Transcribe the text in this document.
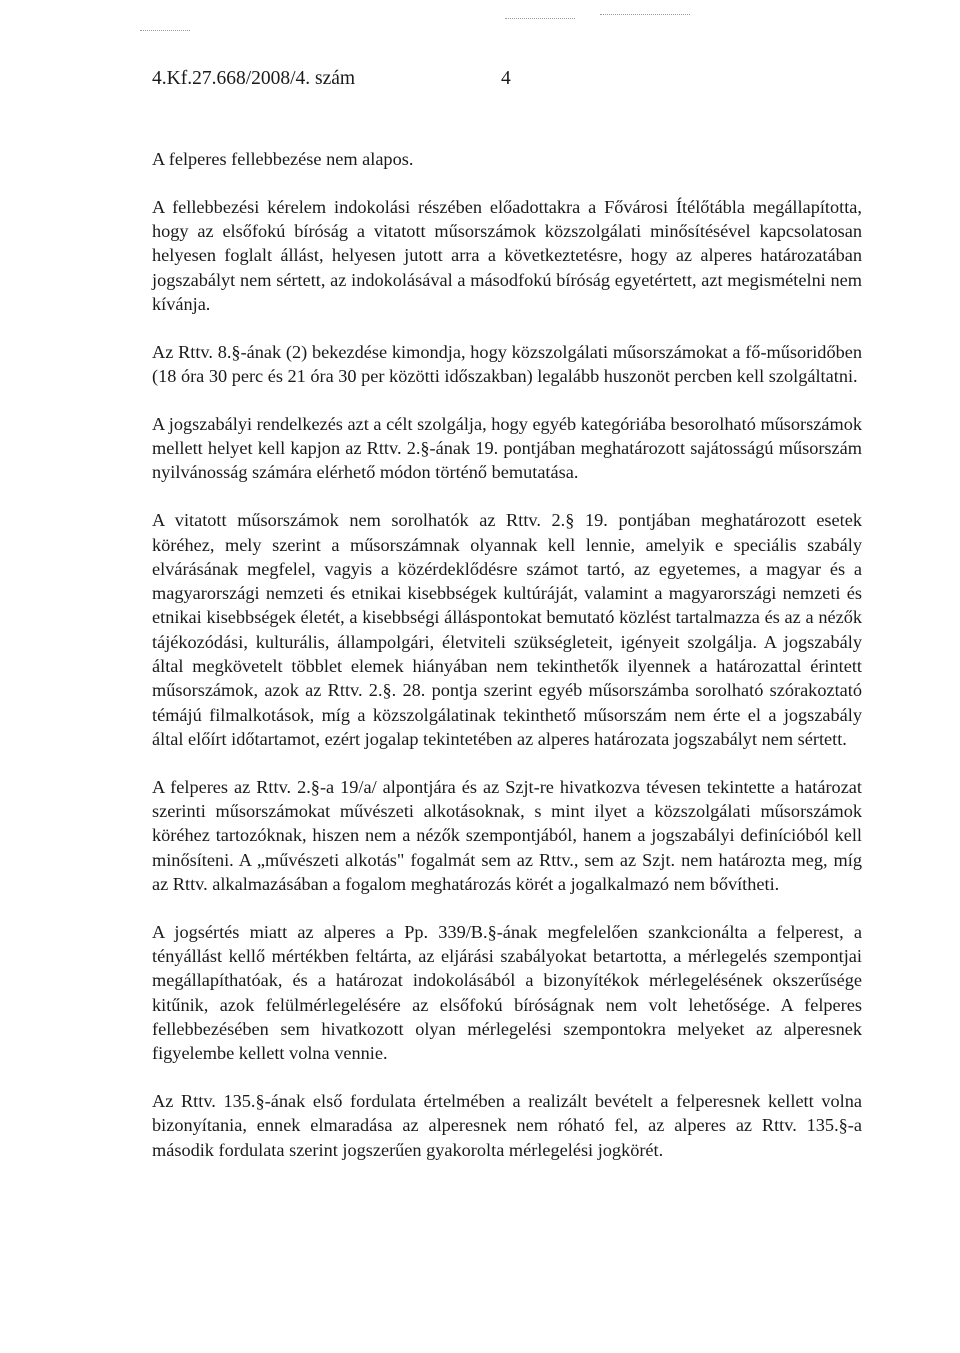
4.Kf.27.668/2008/4. szám	4

A felperes fellebbezése nem alapos.

A fellebbezési kérelem indokolási részében előadottakra a Fővárosi Ítélőtábla megállapította, hogy az elsőfokú bíróság a vitatott műsorszámok közszolgálati minősítésével kapcsolatosan helyesen foglalt állást, helyesen jutott arra a következtetésre, hogy az alperes határozatában jogszabályt nem sértett, az indokolásával a másodfokú bíróság egyetértett, azt megismételni nem kívánja.

Az Rttv. 8.§-ának (2) bekezdése kimondja, hogy közszolgálati műsorszámokat a fő-műsoridőben (18 óra 30 perc és 21 óra 30 per közötti időszakban) legalább huszonöt percben kell szolgáltatni.

A jogszabályi rendelkezés azt a célt szolgálja, hogy egyéb kategóriába besorolható műsorszámok mellett helyet kell kapjon az Rttv. 2.§-ának 19. pontjában meghatározott sajátosságú műsorszám nyilvánosság számára elérhető módon történő bemutatása.

A vitatott műsorszámok nem sorolhatók az Rttv. 2.§ 19. pontjában meghatározott esetek köréhez, mely szerint a műsorszámnak olyannak kell lennie, amelyik e speciális szabály elvárásának megfelel, vagyis a közérdeklődésre számot tartó, az egyetemes, a magyar és a magyarországi nemzeti és etnikai kisebbségek kultúráját, valamint a magyarországi nemzeti és etnikai kisebbségek életét, a kisebbségi álláspontokat bemutató közlést tartalmazza és az a nézők tájékozódási, kulturális, állampolgári, életviteli szükségleteit, igényeit szolgálja. A jogszabály által megkövetelt többlet elemek hiányában nem tekinthetők ilyennek a határozattal érintett műsorszámok, azok az Rttv. 2.§. 28. pontja szerint egyéb műsorszámba sorolható szórakoztató témájú filmalkotások, míg a közszolgálatinak tekinthető műsorszám nem érte el a jogszabály által előírt időtartamot, ezért jogalap tekintetében az alperes határozata jogszabályt nem sértett.

A felperes az Rttv. 2.§-a 19/a/ alpontjára és az Szjt-re hivatkozva tévesen tekintette a határozat szerinti műsorszámokat művészeti alkotásoknak, s mint ilyet a közszolgálati műsorszámok köréhez tartozóknak, hiszen nem a nézők szempontjából, hanem a jogszabályi definícióból kell minősíteni. A „művészeti alkotás" fogalmát sem az Rttv., sem az Szjt. nem határozta meg, míg az Rttv. alkalmazásában a fogalom meghatározás körét a jogalkalmazó nem bővítheti.

A jogsértés miatt az alperes a Pp. 339/B.§-ának megfelelően szankcionálta a felperest, a tényállást kellő mértékben feltárta, az eljárási szabályokat betartotta, a mérlegelés szempontjai megállapíthatóak, és a határozat indokolásából a bizonyítékok mérlegelésének okszerűsége kitűnik, azok felülmérlegelésére az elsőfokú bíróságnak nem volt lehetősége. A felperes fellebbezésében sem hivatkozott olyan mérlegelési szempontokra melyeket az alperesnek figyelembe kellett volna vennie.

Az Rttv. 135.§-ának első fordulata értelmében a realizált bevételt a felperesnek kellett volna bizonyítania, ennek elmaradása az alperesnek nem róható fel, az alperes az Rttv. 135.§-a második fordulata szerint jogszerűen gyakorolta mérlegelési jogkörét.
